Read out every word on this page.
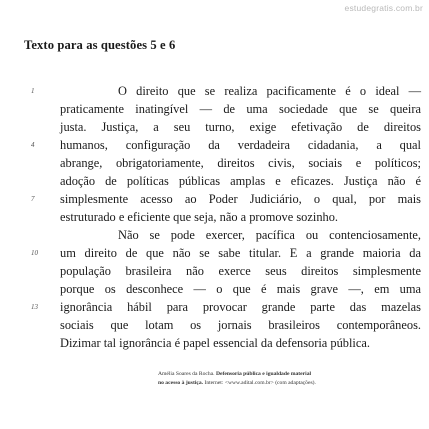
estudegratis.com.br
Texto para as questões 5 e 6
1
4
7
10
13
O direito que se realiza pacificamente é o ideal —
praticamente inatingível — de uma sociedade que se queira
justa. Justiça, a seu turno, exige efetivação de direitos
humanos, configuração da verdadeira cidadania, a qual
abrange, obrigatoriamente, direitos civis, sociais e políticos;
adoção de políticas públicas amplas e eficazes. Justiça não é
simplesmente acesso ao Poder Judiciário, o qual, por mais
estruturado e eficiente que seja, não a promove sozinho.
Não se pode exercer, pacífica ou contenciosamente,
um direito de que não se sabe titular. E a grande maioria da
população brasileira não exerce seus direitos simplesmente
porque os desconhece — o que é mais grave —, em uma
ignorância hábil para provocar grande parte das mazelas
sociais que lotam os jornais brasileiros contemporâneos.
Dizimar tal ignorância é papel essencial da defensoria pública.
Amélia Soares da Rocha. Defensoria pública e igualdade material
no acesso à justiça. Internet: <www.adital.com.br> (com adaptações).
